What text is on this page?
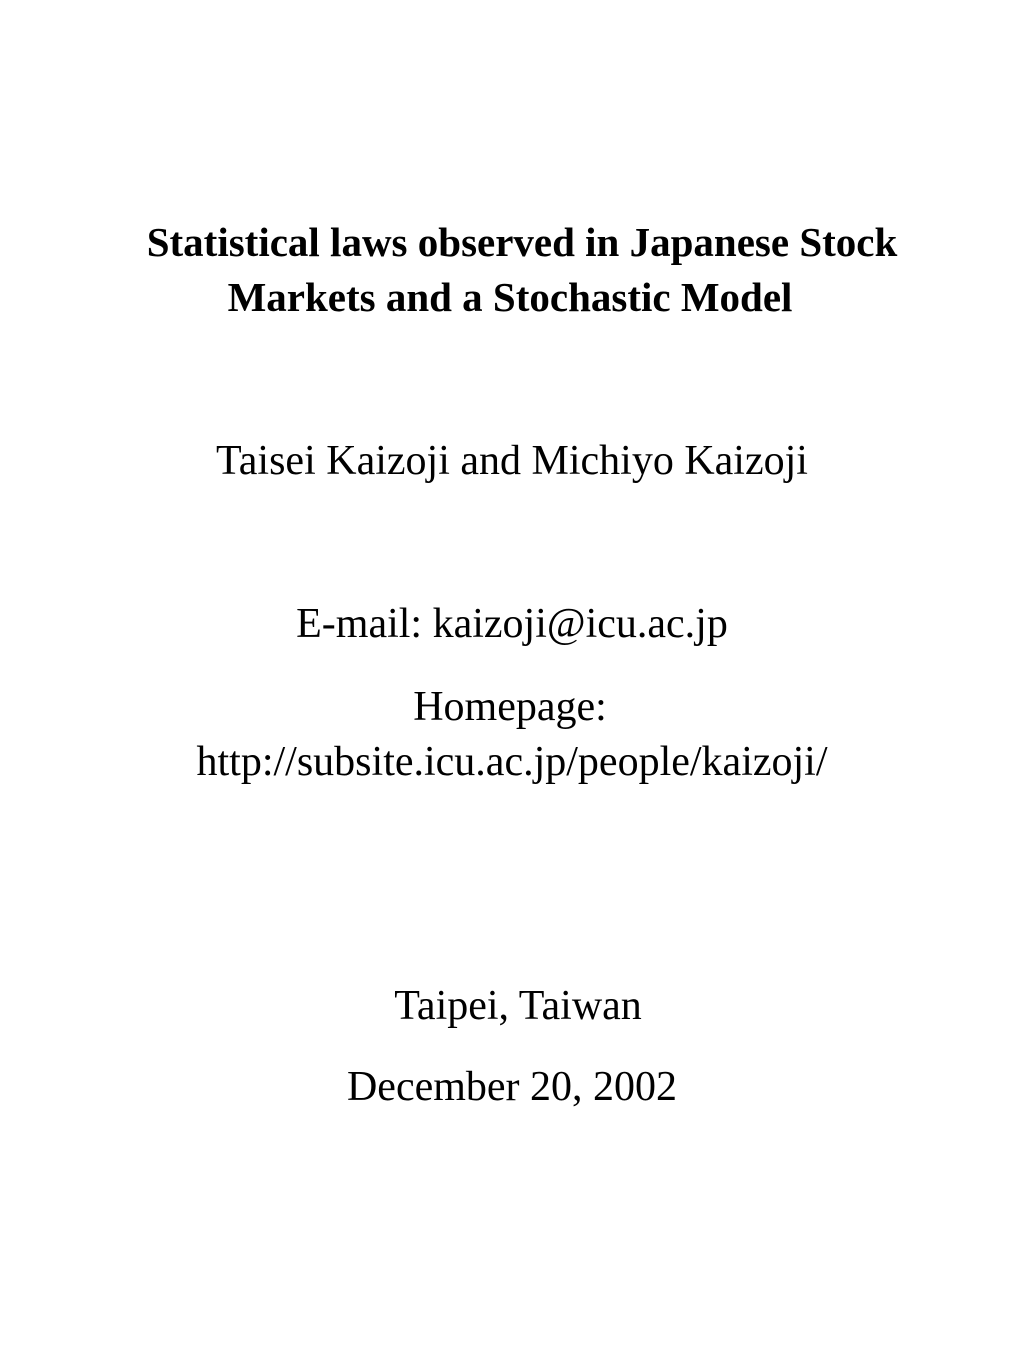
Statistical laws observed in Japanese Stock
Markets and a Stochastic Model
Taisei Kaizoji and Michiyo Kaizoji
E-mail: kaizoji@icu.ac.jp
Homepage:
http://subsite.icu.ac.jp/people/kaizoji/
Taipei, Taiwan
December 20, 2002
